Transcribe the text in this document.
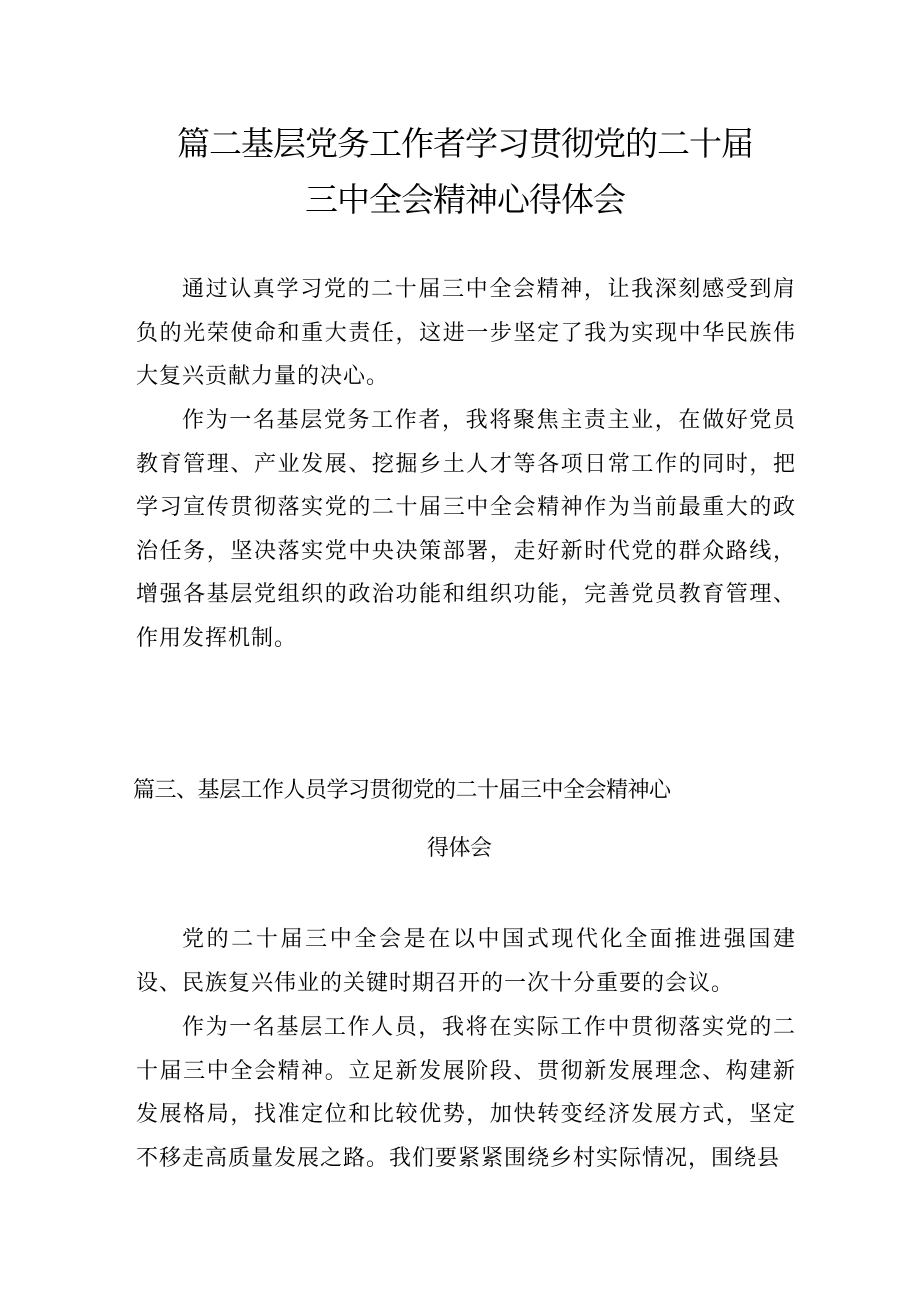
篇二基层党务工作者学习贯彻党的二十届
三中全会精神心得体会

通过认真学习党的二十届三中全会精神，让我深刻感受到肩负的光荣使命和重大责任，这进一步坚定了我为实现中华民族伟大复兴贡献力量的决心。

作为一名基层党务工作者，我将聚焦主责主业，在做好党员教育管理、产业发展、挖掘乡土人才等各项日常工作的同时，把学习宣传贯彻落实党的二十届三中全会精神作为当前最重大的政治任务，坚决落实党中央决策部署，走好新时代党的群众路线，增强各基层党组织的政治功能和组织功能，完善党员教育管理、作用发挥机制。

篇三、基层工作人员学习贯彻党的二十届三中全会精神心
得体会

党的二十届三中全会是在以中国式现代化全面推进强国建设、民族复兴伟业的关键时期召开的一次十分重要的会议。

作为一名基层工作人员，我将在实际工作中贯彻落实党的二十届三中全会精神。立足新发展阶段、贯彻新发展理念、构建新发展格局，找准定位和比较优势，加快转变经济发展方式，坚定不移走高质量发展之路。我们要紧紧围绕乡村实际情况，围绕县
